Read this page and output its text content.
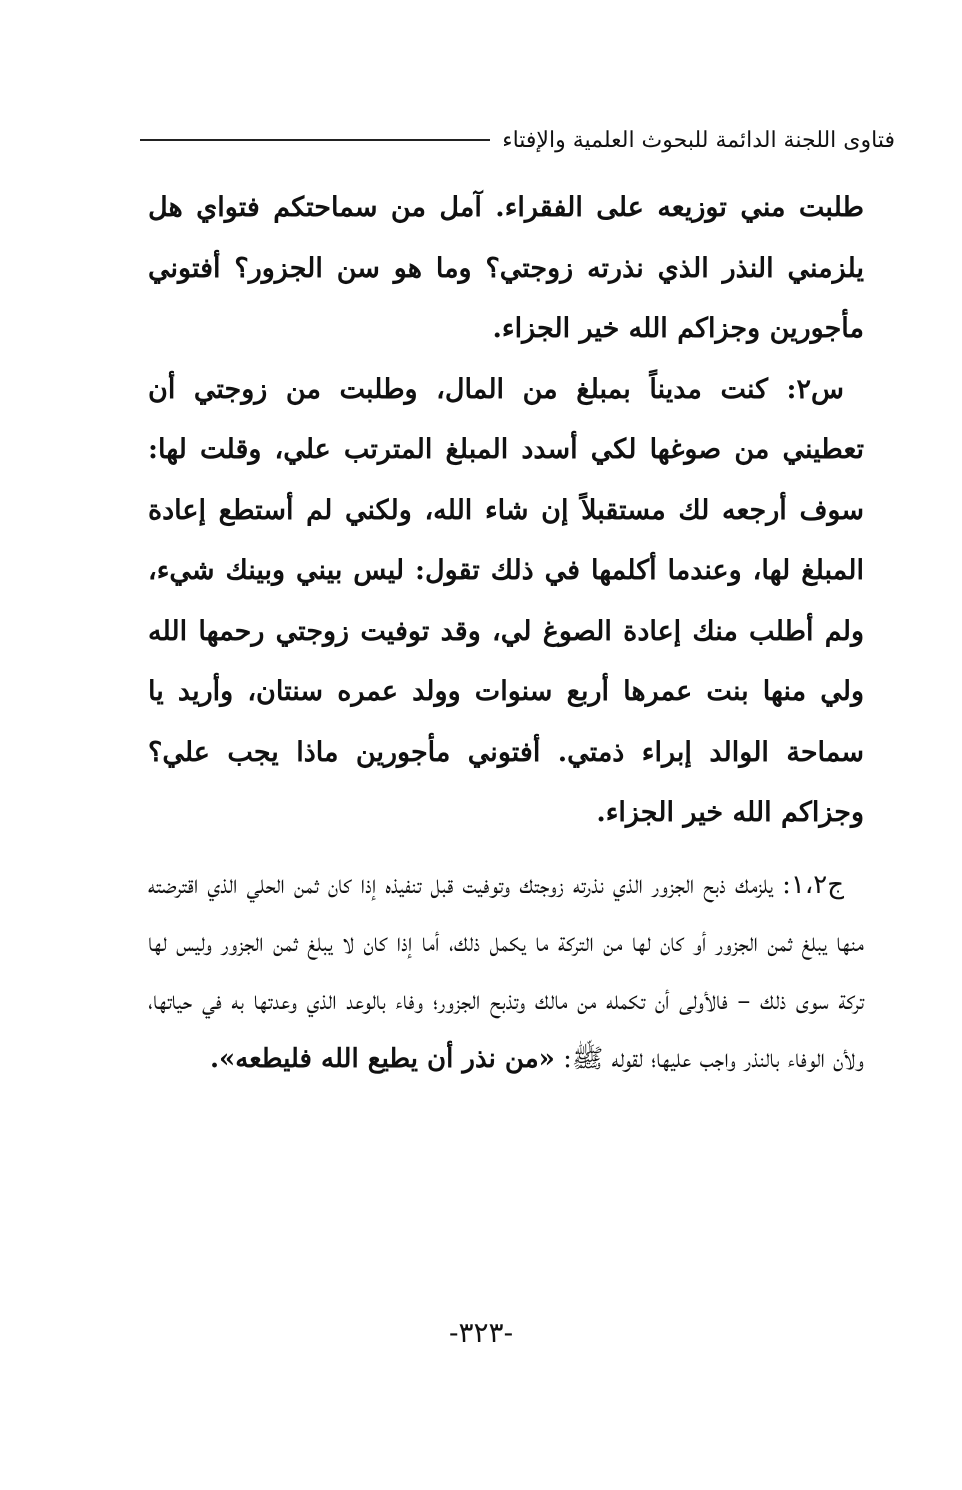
فتاوى اللجنة الدائمة للبحوث العلمية والإفتاء

طلبت مني توزيعه على الفقراء. آمل من سماحتكم فتواي هل يلزمني النذر الذي نذرته زوجتي؟ وما هو سن الجزور؟ أفتوني مأجورين وجزاكم الله خير الجزاء.

س٢: كنت مديناً بمبلغ من المال، وطلبت من زوجتي أن تعطيني من صوغها لكي أسدد المبلغ المترتب علي، وقلت لها: سوف أرجعه لك مستقبلاً إن شاء الله، ولكني لم أستطع إعادة المبلغ لها، وعندما أكلمها في ذلك تقول: ليس بيني وبينك شيء، ولم أطلب منك إعادة الصوغ لي، وقد توفيت زوجتي رحمها الله ولي منها بنت عمرها أربع سنوات وولد عمره سنتان، وأريد يا سماحة الوالد إبراء ذمتي. أفتوني مأجورين ماذا يجب علي؟ وجزاكم الله خير الجزاء.

ج١،٢: يلزمك ذبح الجزور الذي نذرته زوجتك وتوفيت قبل تنفيذه إذا كان ثمن الحلي الذي اقترضته منها يبلغ ثمن الجزور أو كان لها من التركة ما يكمل ذلك، أما إذا كان لا يبلغ ثمن الجزور وليس لها تركة سوى ذلك – فالأولى أن تكمله من مالك وتذبح الجزور؛ وفاء بالوعد الذي وعدتها به في حياتها، ولأن الوفاء بالنذر واجب عليها؛ لقوله ﷺ: «من نذر أن يطيع الله فليطعه».

-٣٢٣-
